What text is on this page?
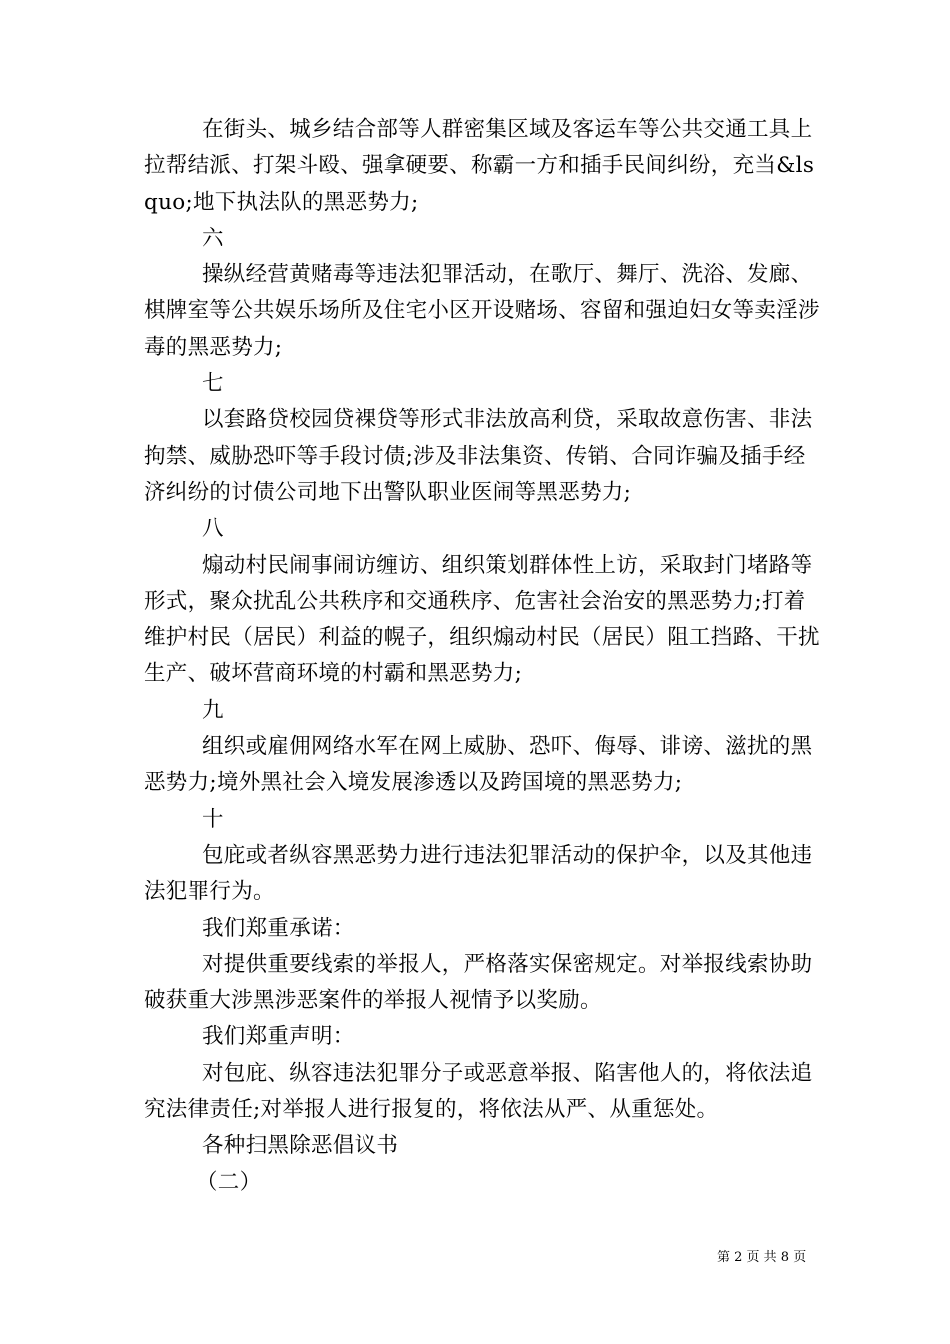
在街头、城乡结合部等人群密集区域及客运车等公共交通工具上拉帮结派、打架斗殴、强拿硬要、称霸一方和插手民间纠纷，充当&lsquo;地下执法队的黑恶势力;

六

操纵经营黄赌毒等违法犯罪活动，在歌厅、舞厅、洗浴、发廊、棋牌室等公共娱乐场所及住宅小区开设赌场、容留和强迫妇女等卖淫涉毒的黑恶势力;

七

以套路贷校园贷裸贷等形式非法放高利贷，采取故意伤害、非法拘禁、威胁恐吓等手段讨债;涉及非法集资、传销、合同诈骗及插手经济纠纷的讨债公司地下出警队职业医闹等黑恶势力;

八

煽动村民闹事闹访缠访、组织策划群体性上访，采取封门堵路等形式，聚众扰乱公共秩序和交通秩序、危害社会治安的黑恶势力;打着维护村民（居民）利益的幌子，组织煽动村民（居民）阻工挡路、干扰生产、破坏营商环境的村霸和黑恶势力;

九

组织或雇佣网络水军在网上威胁、恐吓、侮辱、诽谤、滋扰的黑恶势力;境外黑社会入境发展渗透以及跨国境的黑恶势力;

十

包庇或者纵容黑恶势力进行违法犯罪活动的保护伞，以及其他违法犯罪行为。

我们郑重承诺：

对提供重要线索的举报人，严格落实保密规定。对举报线索协助破获重大涉黑涉恶案件的举报人视情予以奖励。

我们郑重声明：

对包庇、纵容违法犯罪分子或恶意举报、陷害他人的，将依法追究法律责任;对举报人进行报复的，将依法从严、从重惩处。

各种扫黑除恶倡议书

（二）

第 2 页 共 8 页
